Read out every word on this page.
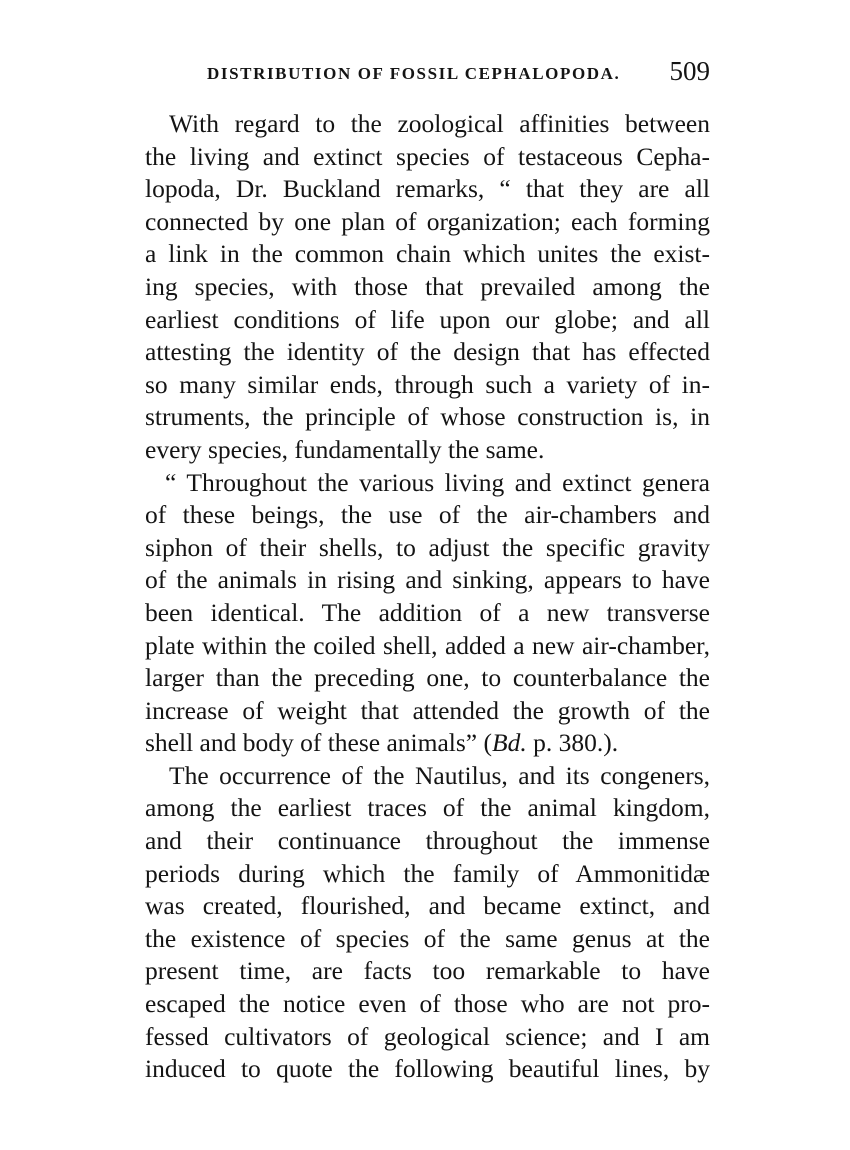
DISTRIBUTION OF FOSSIL CEPHALOPODA. 509
With regard to the zoological affinities between
the living and extinct species of testaceous Cepha-
lopoda, Dr. Buckland remarks, “ that they are all
connected by one plan of organization; each forming
a link in the common chain which unites the exist-
ing species, with those that prevailed among the
earliest conditions of life upon our globe; and all
attesting the identity of the design that has effected
so many similar ends, through such a variety of in-
struments, the principle of whose construction is, in
every species, fundamentally the same.
“ Throughout the various living and extinct genera
of these beings, the use of the air-chambers and
siphon of their shells, to adjust the specific gravity
of the animals in rising and sinking, appears to have
been identical. The addition of a new transverse
plate within the coiled shell, added a new air-chamber,
larger than the preceding one, to counterbalance the
increase of weight that attended the growth of the
shell and body of these animals” (Bd. p. 380.).
The occurrence of the Nautilus, and its congeners,
among the earliest traces of the animal kingdom,
and their continuance throughout the immense
periods during which the family of Ammonitidæ
was created, flourished, and became extinct, and
the existence of species of the same genus at the
present time, are facts too remarkable to have
escaped the notice even of those who are not pro-
fessed cultivators of geological science; and I am
induced to quote the following beautiful lines, by
